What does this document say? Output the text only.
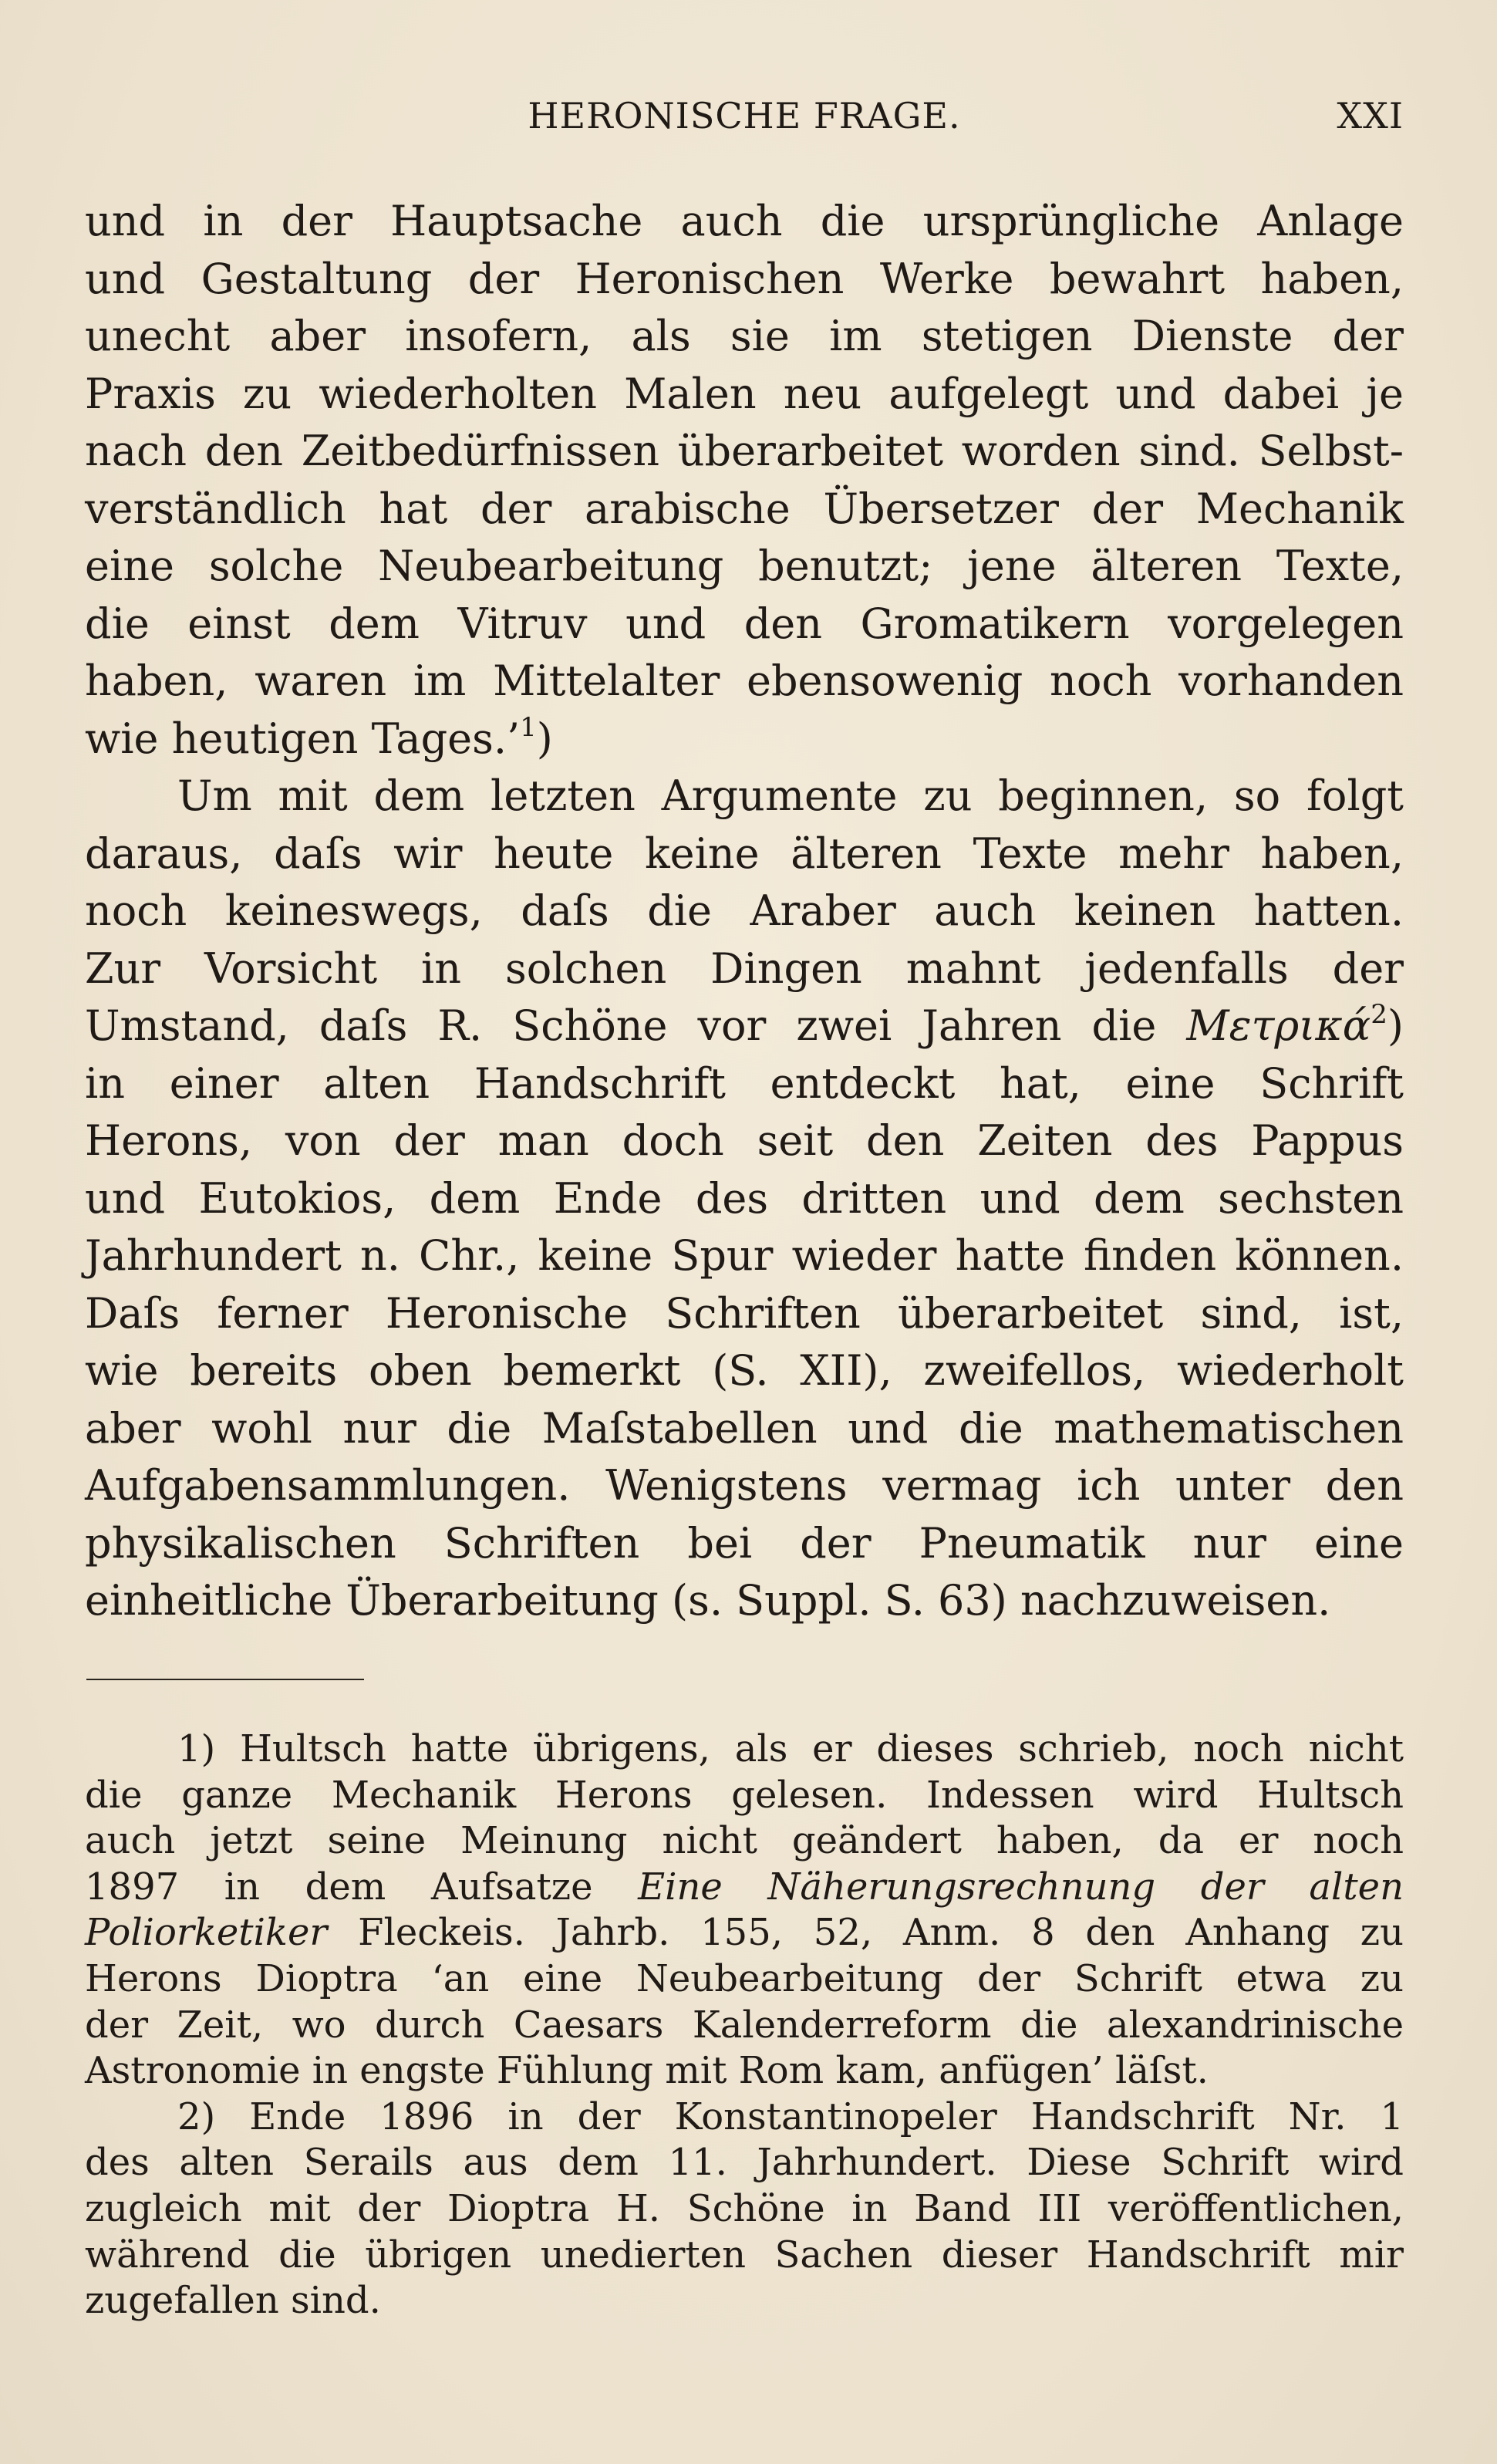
HERONISCHE FRAGE.	XXI
und in der Hauptsache auch die ursprüngliche Anlage
und Gestaltung der Heronischen Werke bewahrt haben,
unecht aber insofern, als sie im stetigen Dienste der
Praxis zu wiederholten Malen neu aufgelegt und dabei je
nach den Zeitbedürfnissen überarbeitet worden sind. Selbst-
verständlich hat der arabische Übersetzer der Mechanik
eine solche Neubearbeitung benutzt; jene älteren Texte,
die einst dem Vitruv und den Gromatikern vorgelegen
haben, waren im Mittelalter ebensowenig noch vorhanden
wie heutigen Tages.’$^1$)
Um mit dem letzten Argumente zu beginnen, so folgt
daraus, daſs wir heute keine älteren Texte mehr haben,
noch keineswegs, daſs die Araber auch keinen hatten.
Zur Vorsicht in solchen Dingen mahnt jedenfalls der
Umstand, daſs R. Schöne vor zwei Jahren die Μετρικά$^2$)
in einer alten Handschrift entdeckt hat, eine Schrift
Herons, von der man doch seit den Zeiten des Pappus
und Eutokios, dem Ende des dritten und dem sechsten
Jahrhundert n. Chr., keine Spur wieder hatte finden können.
Daſs ferner Heronische Schriften überarbeitet sind, ist,
wie bereits oben bemerkt (S. XII), zweifellos, wiederholt
aber wohl nur die Maſstabellen und die mathematischen
Aufgabensammlungen. Wenigstens vermag ich unter den
physikalischen Schriften bei der Pneumatik nur eine
einheitliche Überarbeitung (s. Suppl. S. 63) nachzuweisen.
1) Hultsch hatte übrigens, als er dieses schrieb, noch nicht
die ganze Mechanik Herons gelesen. Indessen wird Hultsch
auch jetzt seine Meinung nicht geändert haben, da er noch
1897 in dem Aufsatze Eine Näherungsrechnung der alten
Poliorketiker Fleckeis. Jahrb. 155, 52, Anm. 8 den Anhang zu
Herons Dioptra ‘an eine Neubearbeitung der Schrift etwa zu
der Zeit, wo durch Caesars Kalenderreform die alexandrinische
Astronomie in engste Fühlung mit Rom kam, anfügen’ läſst.
2) Ende 1896 in der Konstantinopeler Handschrift Nr. 1
des alten Serails aus dem 11. Jahrhundert. Diese Schrift wird
zugleich mit der Dioptra H. Schöne in Band III veröffentlichen,
während die übrigen unedierten Sachen dieser Handschrift mir
zugefallen sind.
